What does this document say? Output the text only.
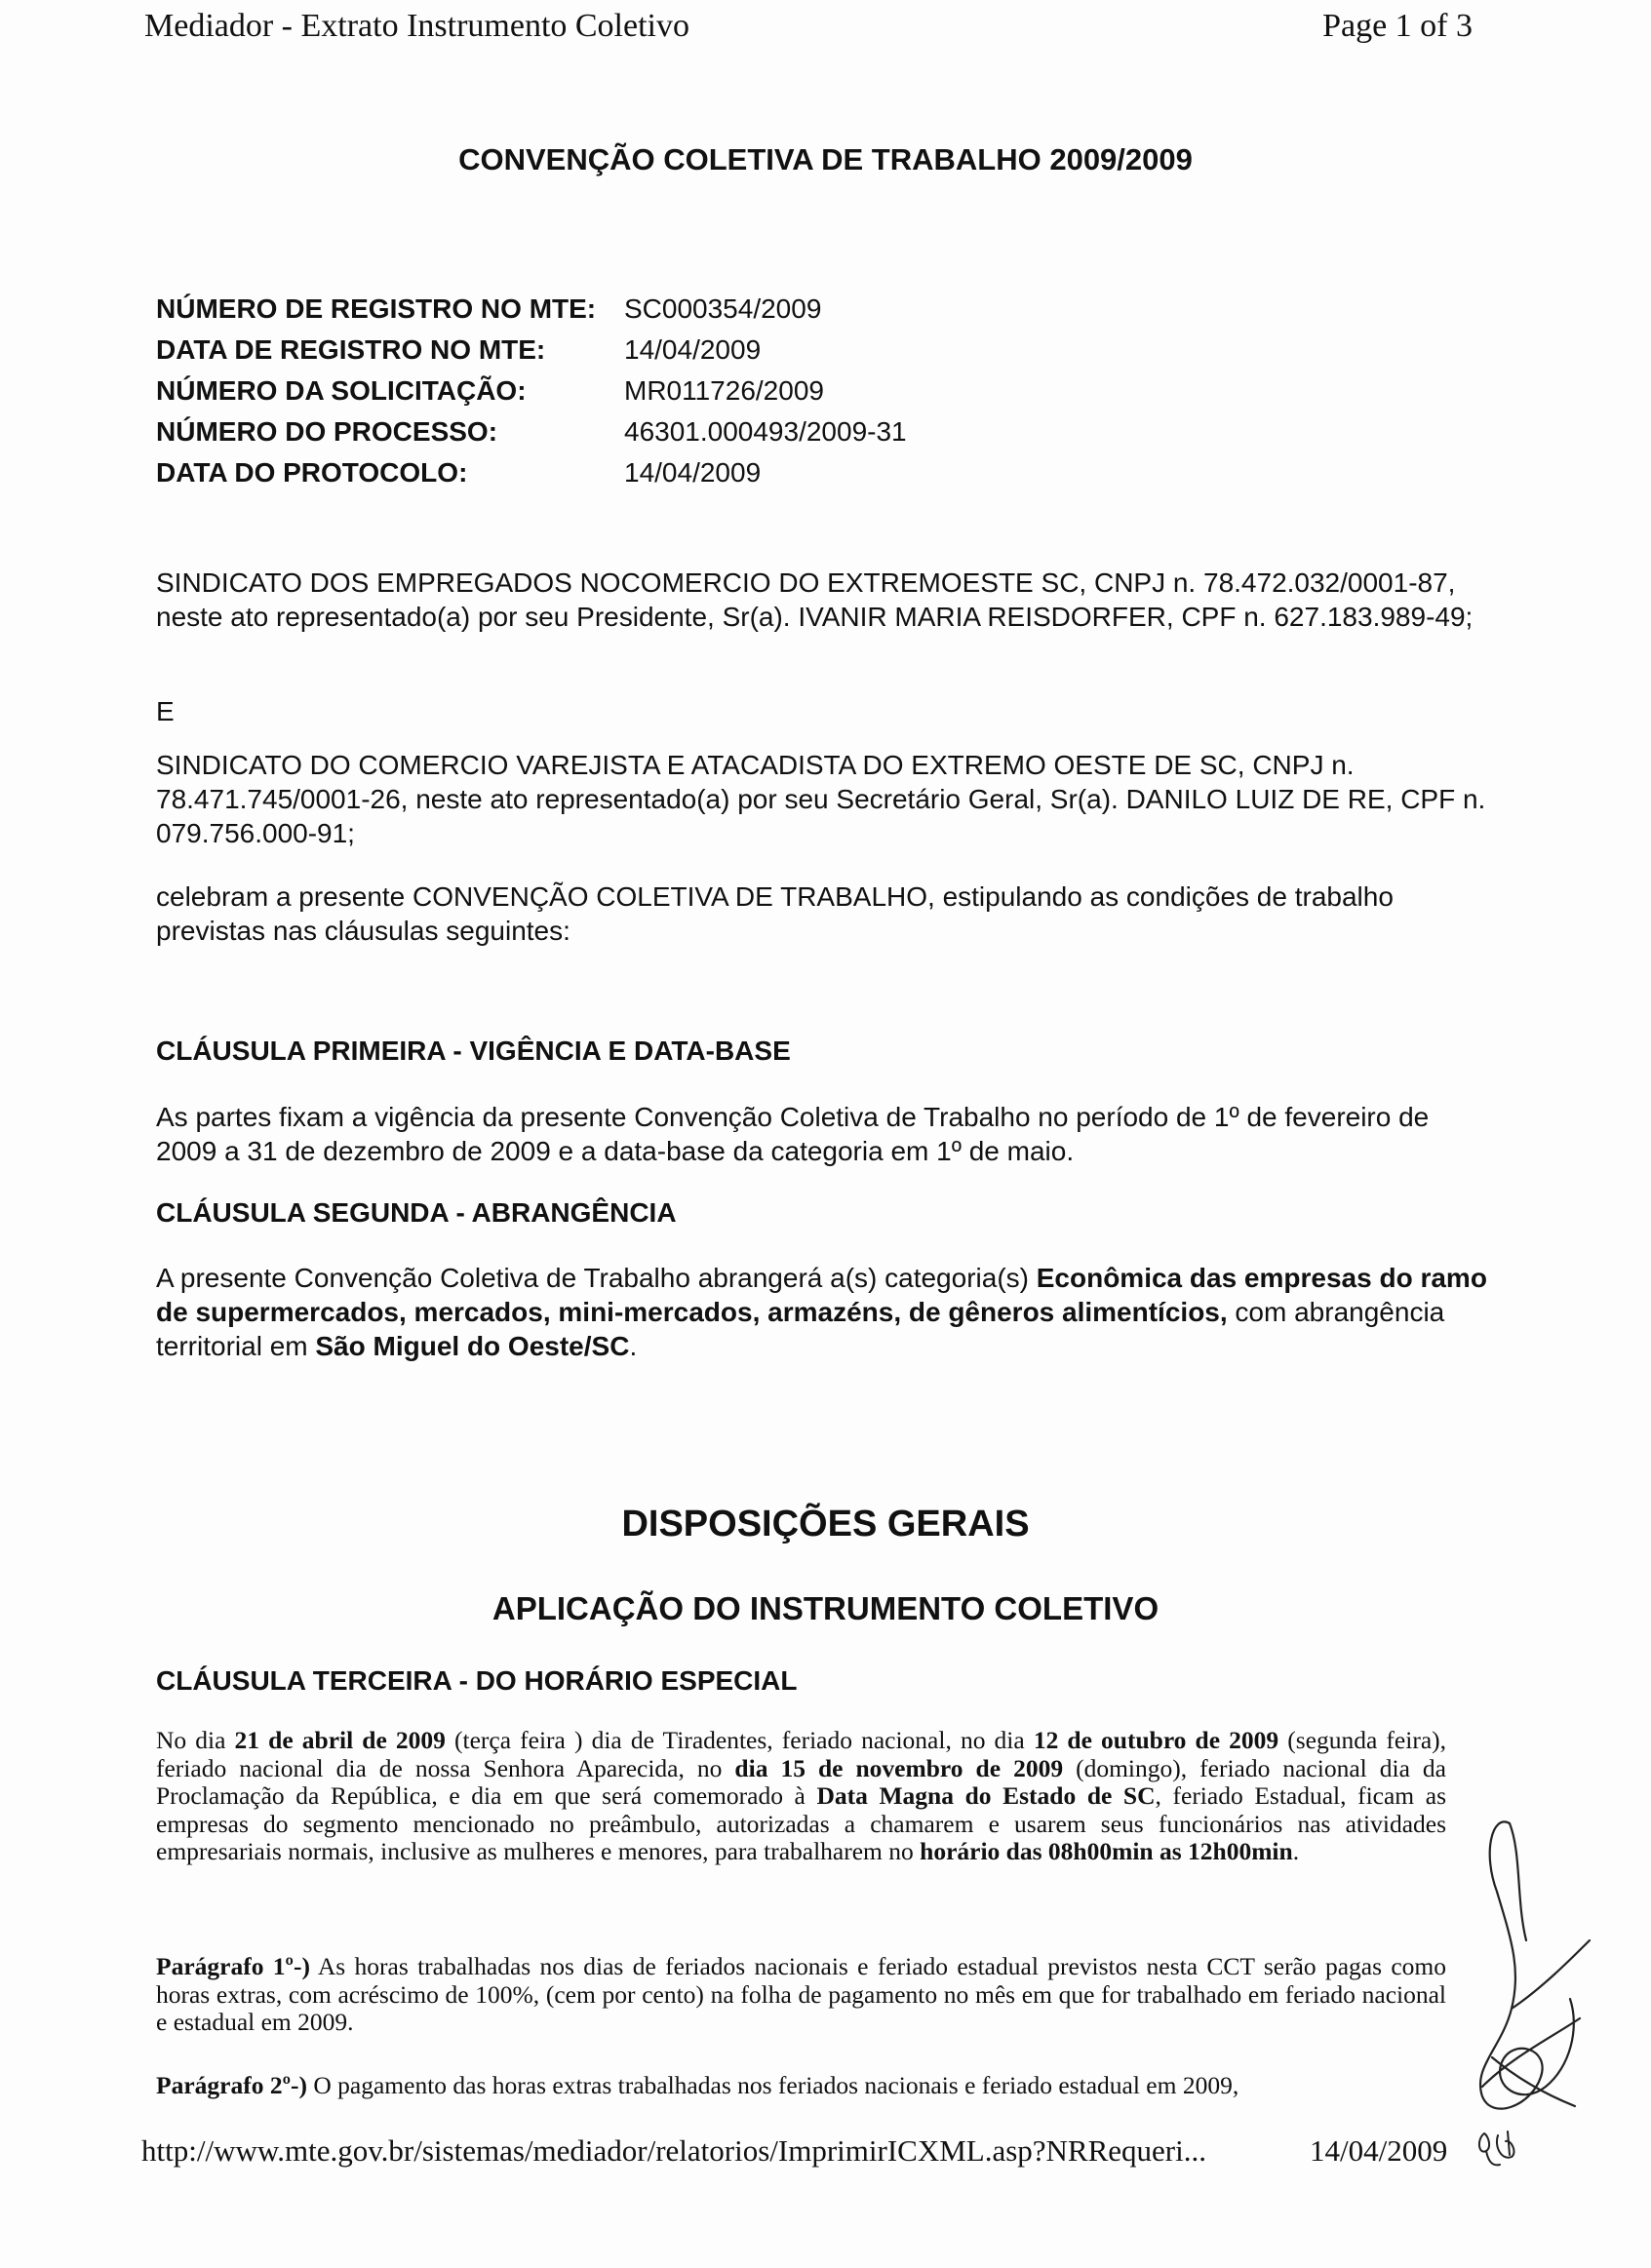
Mediador - Extrato Instrumento Coletivo	Page 1 of 3
CONVENÇÃO COLETIVA DE TRABALHO 2009/2009
NÚMERO DE REGISTRO NO MTE: SC000354/2009
DATA DE REGISTRO NO MTE:	14/04/2009
NÚMERO DA SOLICITAÇÃO:	MR011726/2009
NÚMERO DO PROCESSO:	46301.000493/2009-31
DATA DO PROTOCOLO:	14/04/2009
SINDICATO DOS EMPREGADOS NOCOMERCIO DO EXTREMOESTE SC, CNPJ n. 78.472.032/0001-87, neste ato representado(a) por seu Presidente, Sr(a). IVANIR MARIA REISDORFER, CPF n. 627.183.989-49;
E
SINDICATO DO COMERCIO VAREJISTA E ATACADISTA DO EXTREMO OESTE DE SC, CNPJ n. 78.471.745/0001-26, neste ato representado(a) por seu Secretário Geral, Sr(a). DANILO LUIZ DE RE, CPF n. 079.756.000-91;
celebram a presente CONVENÇÃO COLETIVA DE TRABALHO, estipulando as condições de trabalho previstas nas cláusulas seguintes:
CLÁUSULA PRIMEIRA - VIGÊNCIA E DATA-BASE
As partes fixam a vigência da presente Convenção Coletiva de Trabalho no período de 1º de fevereiro de 2009 a 31 de dezembro de 2009 e a data-base da categoria em 1º de maio.
CLÁUSULA SEGUNDA - ABRANGÊNCIA
A presente Convenção Coletiva de Trabalho abrangerá a(s) categoria(s) Econômica das empresas do ramo de supermercados, mercados, mini-mercados, armazéns, de gêneros alimentícios, com abrangência territorial em São Miguel do Oeste/SC.
DISPOSIÇÕES GERAIS
APLICAÇÃO DO INSTRUMENTO COLETIVO
CLÁUSULA TERCEIRA - DO HORÁRIO ESPECIAL
No dia 21 de abril de 2009 (terça feira ) dia de Tiradentes, feriado nacional, no dia 12 de outubro de 2009 (segunda feira), feriado nacional dia de nossa Senhora Aparecida, no dia 15 de novembro de 2009 (domingo), feriado nacional dia da Proclamação da República, e dia em que será comemorado à Data Magna do Estado de SC, feriado Estadual, ficam as empresas do segmento mencionado no preâmbulo, autorizadas a chamarem e usarem seus funcionários nas atividades empresariais normais, inclusive as mulheres e menores, para trabalharem no horário das 08h00min as 12h00min.
Parágrafo 1º-) As horas trabalhadas nos dias de feriados nacionais e feriado estadual previstos nesta CCT serão pagas como horas extras, com acréscimo de 100%, (cem por cento) na folha de pagamento no mês em que for trabalhado em feriado nacional e estadual em 2009.
Parágrafo 2º-) O pagamento das horas extras trabalhadas nos feriados nacionais e feriado estadual em 2009,
http://www.mte.gov.br/sistemas/mediador/relatorios/ImprimirICXML.asp?NRRequeri...	14/04/2009
